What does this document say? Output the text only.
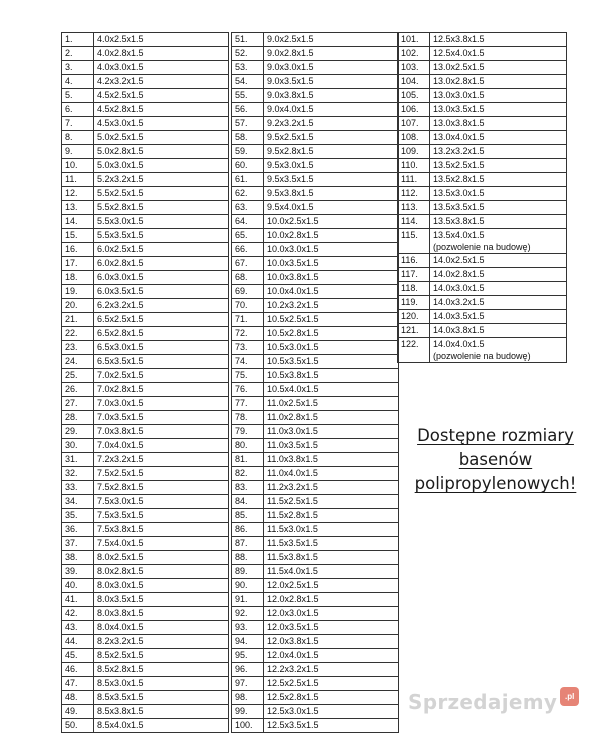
1.	4.0x2.5x1.5
2.	4.0x2.8x1.5
3.	4.0x3.0x1.5
4.	4.2x3.2x1.5
5.	4.5x2.5x1.5
6.	4.5x2.8x1.5
7.	4.5x3.0x1.5
8.	5.0x2.5x1.5
9.	5.0x2.8x1.5
10.	5.0x3.0x1.5
11.	5.2x3.2x1.5
12.	5.5x2.5x1.5
13.	5.5x2.8x1.5
14.	5.5x3.0x1.5
15.	5.5x3.5x1.5
16.	6.0x2.5x1.5
17.	6.0x2.8x1.5
18.	6.0x3.0x1.5
19.	6.0x3.5x1.5
20.	6.2x3.2x1.5
21.	6.5x2.5x1.5
22.	6.5x2.8x1.5
23.	6.5x3.0x1.5
24.	6.5x3.5x1.5
25.	7.0x2.5x1.5
26.	7.0x2.8x1.5
27.	7.0x3.0x1.5
28.	7.0x3.5x1.5
29.	7.0x3.8x1.5
30.	7.0x4.0x1.5
31.	7.2x3.2x1.5
32.	7.5x2.5x1.5
33.	7.5x2.8x1.5
34.	7.5x3.0x1.5
35.	7.5x3.5x1.5
36.	7.5x3.8x1.5
37.	7.5x4.0x1.5
38.	8.0x2.5x1.5
39.	8.0x2.8x1.5
40.	8.0x3.0x1.5
41.	8.0x3.5x1.5
42.	8.0x3.8x1.5
43.	8.0x4.0x1.5
44.	8.2x3.2x1.5
45.	8.5x2.5x1.5
46.	8.5x2.8x1.5
47.	8.5x3.0x1.5
48.	8.5x3.5x1.5
49.	8.5x3.8x1.5
50.	8.5x4.0x1.5
51.	9.0x2.5x1.5
52.	9.0x2.8x1.5
53.	9.0x3.0x1.5
54.	9.0x3.5x1.5
55.	9.0x3.8x1.5
56.	9.0x4.0x1.5
57.	9.2x3.2x1.5
58.	9.5x2.5x1.5
59.	9.5x2.8x1.5
60.	9.5x3.0x1.5
61.	9.5x3.5x1.5
62.	9.5x3.8x1.5
63.	9.5x4.0x1.5
64.	10.0x2.5x1.5
65.	10.0x2.8x1.5
66.	10.0x3.0x1.5
67.	10.0x3.5x1.5
68.	10.0x3.8x1.5
69.	10.0x4.0x1.5
70.	10.2x3.2x1.5
71.	10.5x2.5x1.5
72.	10.5x2.8x1.5
73.	10.5x3.0x1.5
74.	10.5x3.5x1.5
75.	10.5x3.8x1.5
76.	10.5x4.0x1.5
77.	11.0x2.5x1.5
78.	11.0x2.8x1.5
79.	11.0x3.0x1.5
80.	11.0x3.5x1.5
81.	11.0x3.8x1.5
82.	11.0x4.0x1.5
83.	11.2x3.2x1.5
84.	11.5x2.5x1.5
85.	11.5x2.8x1.5
86.	11.5x3.0x1.5
87.	11.5x3.5x1.5
88.	11.5x3.8x1.5
89.	11.5x4.0x1.5
90.	12.0x2.5x1.5
91.	12.0x2.8x1.5
92.	12.0x3.0x1.5
93.	12.0x3.5x1.5
94.	12.0x3.8x1.5
95.	12.0x4.0x1.5
96.	12.2x3.2x1.5
97.	12.5x2.5x1.5
98.	12.5x2.8x1.5
99.	12.5x3.0x1.5
100.	12.5x3.5x1.5
101.	12.5x3.8x1.5
102.	12.5x4.0x1.5
103.	13.0x2.5x1.5
104.	13.0x2.8x1.5
105.	13.0x3.0x1.5
106.	13.0x3.5x1.5
107.	13.0x3.8x1.5
108.	13.0x4.0x1.5
109.	13.2x3.2x1.5
110.	13.5x2.5x1.5
111.	13.5x2.8x1.5
112.	13.5x3.0x1.5
113.	13.5x3.5x1.5
114.	13.5x3.8x1.5
115.	13.5x4.0x1.5
(pozwolenie na budowę)

116.	14.0x2.5x1.5
117.	14.0x2.8x1.5
118.	14.0x3.0x1.5
119.	14.0x3.2x1.5
120.	14.0x3.5x1.5
121.	14.0x3.8x1.5
122.	14.0x4.0x1.5
(pozwolenie na budowę)
Dostępne rozmiary
basenów
polipropylenowych!
Sprzedajemy .pl
